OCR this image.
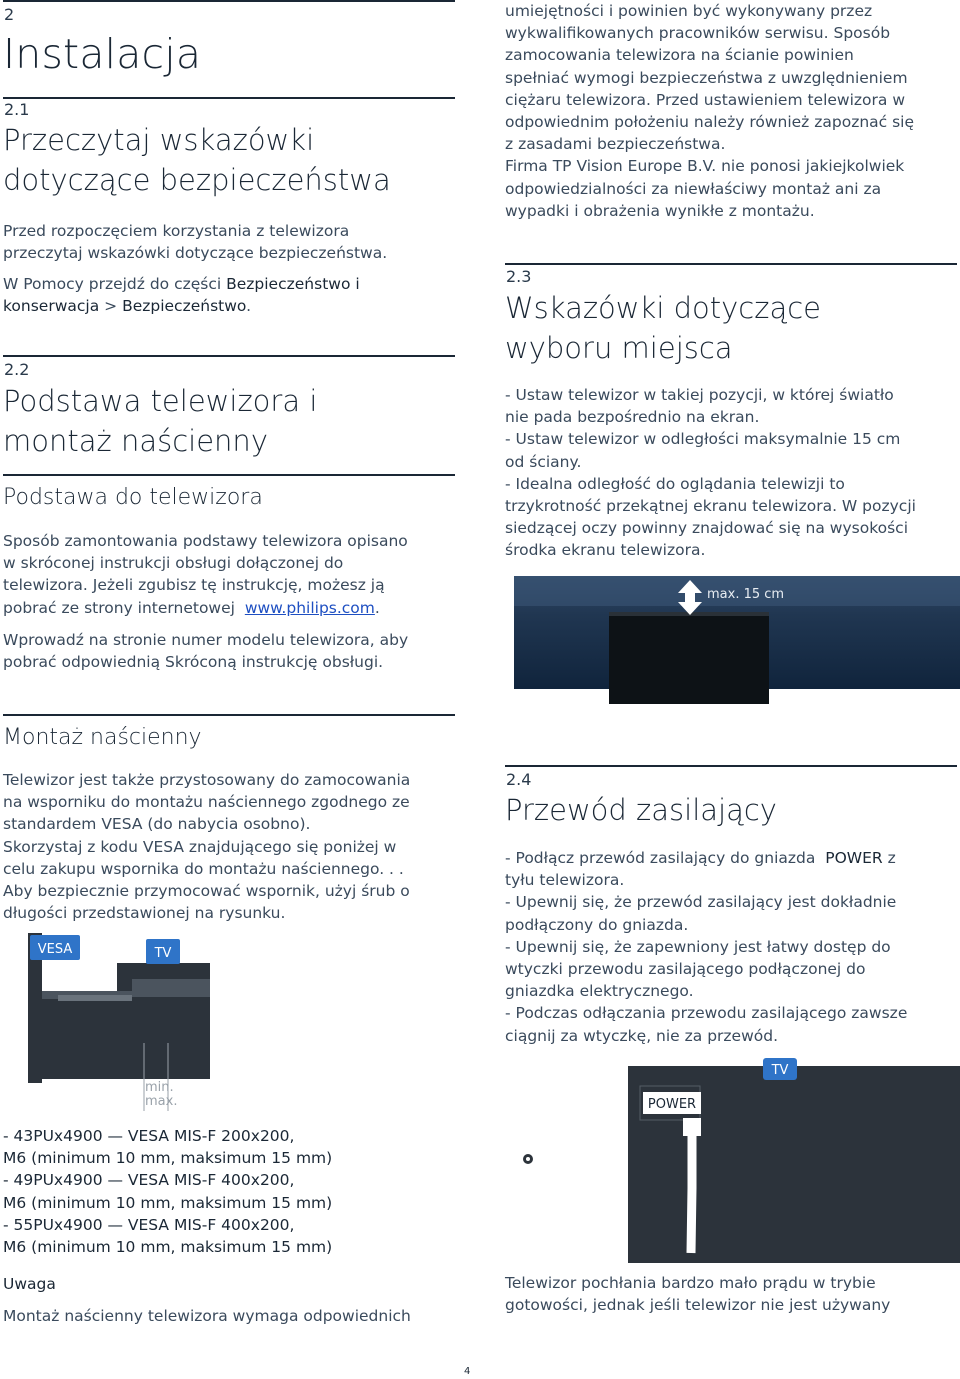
2
Instalacja
2.1
Przeczytaj wskazówki
dotyczące bezpieczeństwa
Przed rozpoczęciem korzystania z telewizora
przeczytaj wskazówki dotyczące bezpieczeństwa.
W Pomocy przejdź do części Bezpieczeństwo i
konserwacja > Bezpieczeństwo.
2.2
Podstawa telewizora i
montaż naścienny
Podstawa do telewizora
Sposób zamontowania podstawy telewizora opisano
w skróconej instrukcji obsługi dołączonej do
telewizora. Jeżeli zgubisz tę instrukcję, możesz ją
pobrać ze strony internetowej www.philips.com.
Wprowadź na stronie numer modelu telewizora, aby
pobrać odpowiednią Skróconą instrukcję obsługi.
Montaż naścienny
Telewizor jest także przystosowany do zamocowania
na wsporniku do montażu naściennego zgodnego ze
standardem VESA (do nabycia osobno).
Skorzystaj z kodu VESA znajdującego się poniżej w
celu zakupu wspornika do montażu naściennego. . .
Aby bezpiecznie przymocować wspornik, użyj śrub o
długości przedstawionej na rysunku.
VESA	TV
min.
max.
- 43PUx4900 — VESA MIS-F 200x200,
M6 (minimum 10 mm, maksimum 15 mm)
- 49PUx4900 — VESA MIS-F 400x200,
M6 (minimum 10 mm, maksimum 15 mm)
- 55PUx4900 — VESA MIS-F 400x200,
M6 (minimum 10 mm, maksimum 15 mm)
Uwaga
Montaż naścienny telewizora wymaga odpowiednich
umiejętności i powinien być wykonywany przez
wykwalifikowanych pracowników serwisu. Sposób
zamocowania telewizora na ścianie powinien
spełniać wymogi bezpieczeństwa z uwzględnieniem
ciężaru telewizora. Przed ustawieniem telewizora w
odpowiednim położeniu należy również zapoznać się
z zasadami bezpieczeństwa.
Firma TP Vision Europe B.V. nie ponosi jakiejkolwiek
odpowiedzialności za niewłaściwy montaż ani za
wypadki i obrażenia wynikłe z montażu.
2.3
Wskazówki dotyczące
wyboru miejsca
- Ustaw telewizor w takiej pozycji, w której światło
nie pada bezpośrednio na ekran.
- Ustaw telewizor w odległości maksymalnie 15 cm
od ściany.
- Idealna odległość do oglądania telewizji to
trzykrotność przekątnej ekranu telewizora. W pozycji
siedzącej oczy powinny znajdować się na wysokości
środka ekranu telewizora.
max. 15 cm
2.4
Przewód zasilający
- Podłącz przewód zasilający do gniazda POWER z
tyłu telewizora.
- Upewnij się, że przewód zasilający jest dokładnie
podłączony do gniazda.
- Upewnij się, że zapewniony jest łatwy dostęp do
wtyczki przewodu zasilającego podłączonej do
gniazdka elektrycznego.
- Podczas odłączania przewodu zasilającego zawsze
ciągnij za wtyczkę, nie za przewód.
POWER
TV
Telewizor pochłania bardzo mało prądu w trybie
gotowości, jednak jeśli telewizor nie jest używany
4
